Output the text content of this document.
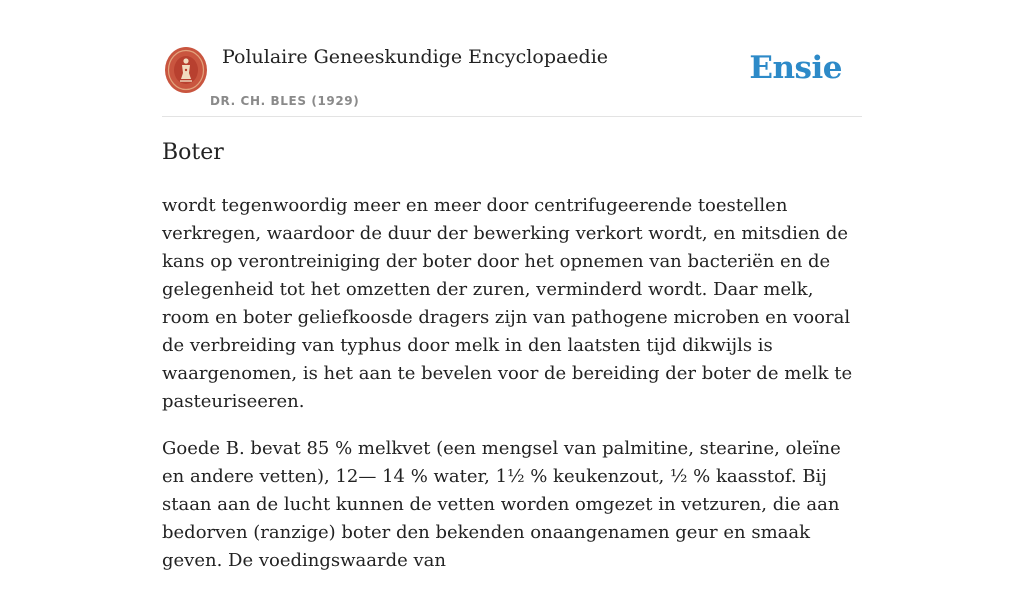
Polulaire Geneeskundige Encyclopaedie
DR. CH. BLES (1929)
Ensie
Boter

wordt tegenwoordig meer en meer door centrifugeerende toestellen verkregen, waardoor de duur der bewerking verkort wordt, en mitsdien de kans op verontreiniging der boter door het opnemen van bacteriën en de gelegenheid tot het omzetten der zuren, verminderd wordt. Daar melk, room en boter geliefkoosde dragers zijn van pathogene microben en vooral de verbreiding van typhus door melk in den laatsten tijd dikwijls is waargenomen, is het aan te bevelen voor de bereiding der boter de melk te pasteuriseeren.

Goede B. bevat 85 % melkvet (een mengsel van palmitine, stearine, oleïne en andere vetten), 12— 14 % water, 1½ % keukenzout, ½ % kaasstof. Bij staan aan de lucht kunnen de vetten worden omgezet in vetzuren, die aan bedorven (ranzige) boter den bekenden onaangenamen geur en smaak geven. De voedingswaarde van
